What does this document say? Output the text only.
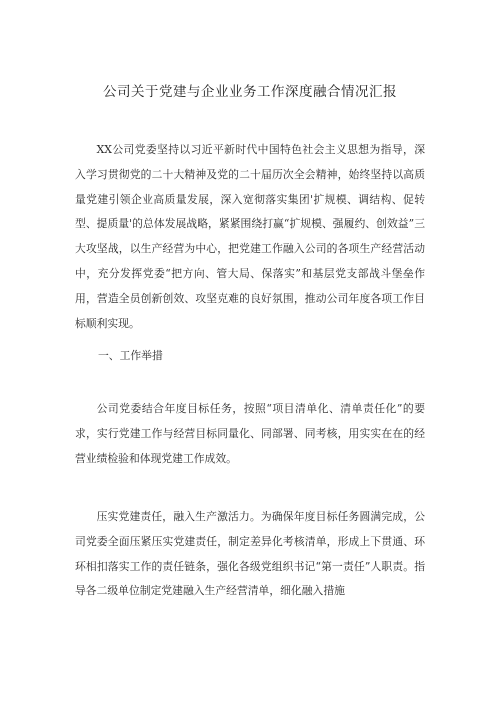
公司关于党建与企业业务工作深度融合情况汇报

XX公司党委坚持以习近平新时代中国特色社会主义思想为指导，深入学习贯彻党的二十大精神及党的二十届历次全会精神，始终坚持以高质量党建引领企业高质量发展，深入宽彻落实集团'扩规模、调结构、促转型、提质量'的总体发展战略，紧紧围绕打赢“扩规模、强履约、创效益”三大攻坚战，以生产经营为中心，把党建工作融入公司的各项生产经营活动中，充分发挥党委“把方向、管大局、保落实”和基层党支部战斗堡垒作用，营造全员创新创效、攻坚克难的良好氛围，推动公司年度各项工作目标顺利实现。

一、工作举措

公司党委结合年度目标任务，按照“项目清单化、清单责任化”的要求，实行党建工作与经营目标同量化、同部署、同考核，用实实在在的经营业绩检验和体现党建工作成效。

压实党建责任，融入生产激活力。为确保年度目标任务圆满完成，公司党委全面压紧压实党建责任，制定差异化考核清单，形成上下贯通、环环相扣落实工作的责任链条，强化各级党组织书记“第一责任”人职责。指导各二级单位制定党建融入生产经营清单，细化融入措施
